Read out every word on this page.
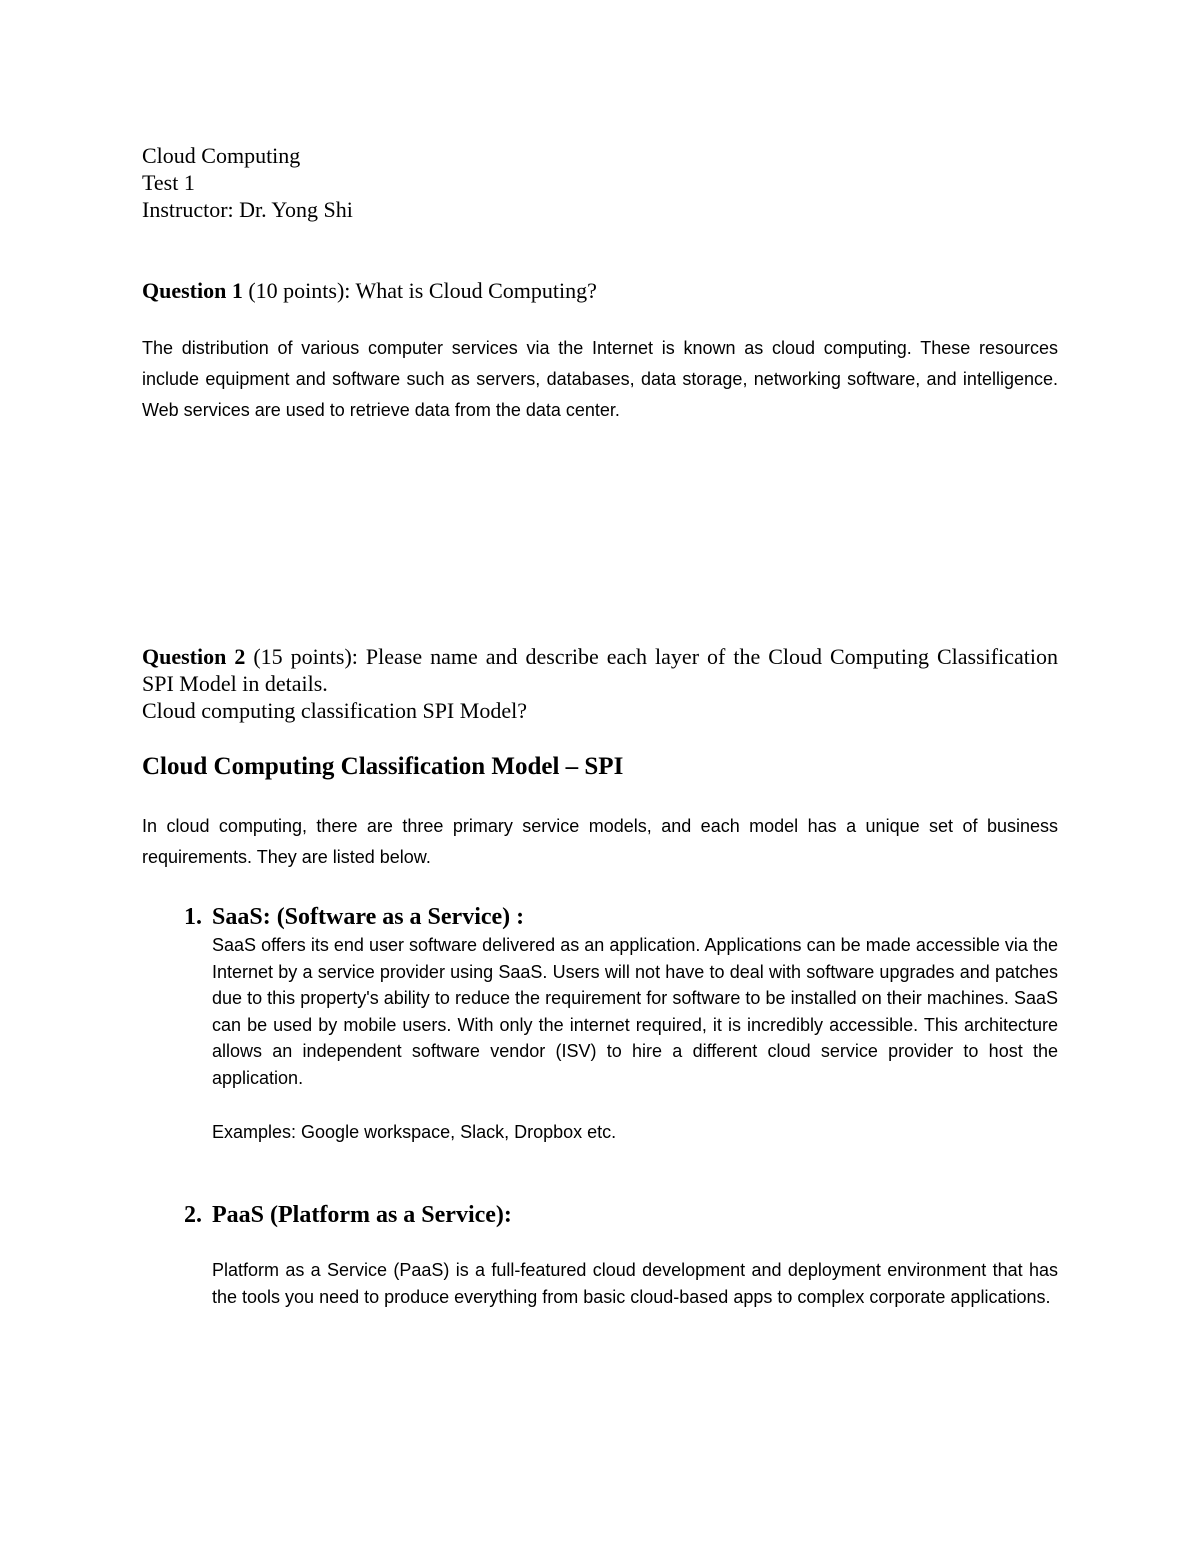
Cloud Computing

Test 1

Instructor: Dr. Yong Shi

Question 1 (10 points): What is Cloud Computing?

The distribution of various computer services via the Internet is known as cloud computing. These resources include equipment and software such as servers, databases, data storage, networking software, and intelligence. Web services are used to retrieve data from the data center.

Question 2 (15 points): Please name and describe each layer of the Cloud Computing Classification SPI Model in details.

Cloud computing classification SPI Model?

Cloud Computing Classification Model – SPI

In cloud computing, there are three primary service models, and each model has a unique set of business requirements. They are listed below.

1. SaaS: (Software as a Service) :

SaaS offers its end user software delivered as an application. Applications can be made accessible via the Internet by a service provider using SaaS. Users will not have to deal with software upgrades and patches due to this property's ability to reduce the requirement for software to be installed on their machines. SaaS can be used by mobile users. With only the internet required, it is incredibly accessible. This architecture allows an independent software vendor (ISV) to hire a different cloud service provider to host the application.

Examples: Google workspace, Slack, Dropbox etc.

2. PaaS (Platform as a Service):

Platform as a Service (PaaS) is a full-featured cloud development and deployment environment that has the tools you need to produce everything from basic cloud-based apps to complex corporate applications.
